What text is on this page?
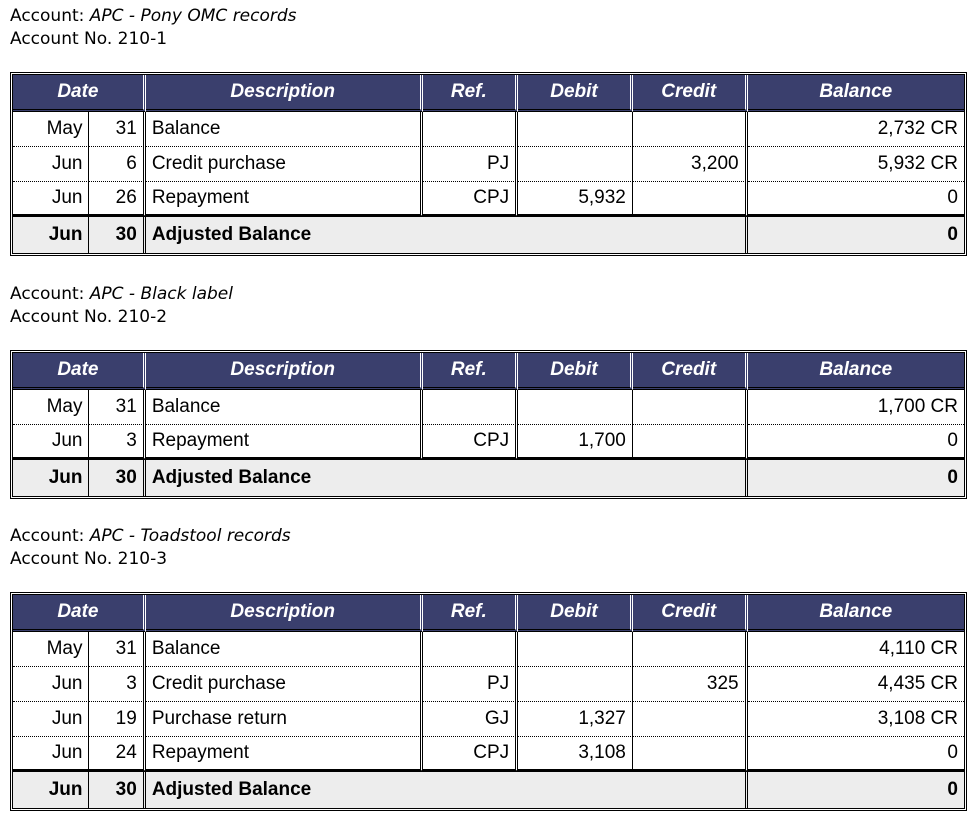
Account: APC - Pony OMC records
Account No. 210-1
Date		Description	Ref.	Debit	Credit	Balance
May	31	Balance				2,732 CR
Jun	6	Credit purchase	PJ		3,200	5,932 CR
Jun	26	Repayment	CPJ	5,932		0
Jun	30	Adjusted Balance				0
Account: APC - Black label
Account No. 210-2
Date		Description	Ref.	Debit	Credit	Balance
May	31	Balance				1,700 CR
Jun	3	Repayment	CPJ	1,700		0
Jun	30	Adjusted Balance				0
Account: APC - Toadstool records
Account No. 210-3
Date		Description	Ref.	Debit	Credit	Balance
May	31	Balance				4,110 CR
Jun	3	Credit purchase	PJ		325	4,435 CR
Jun	19	Purchase return	GJ	1,327		3,108 CR
Jun	24	Repayment	CPJ	3,108		0
Jun	30	Adjusted Balance				0
